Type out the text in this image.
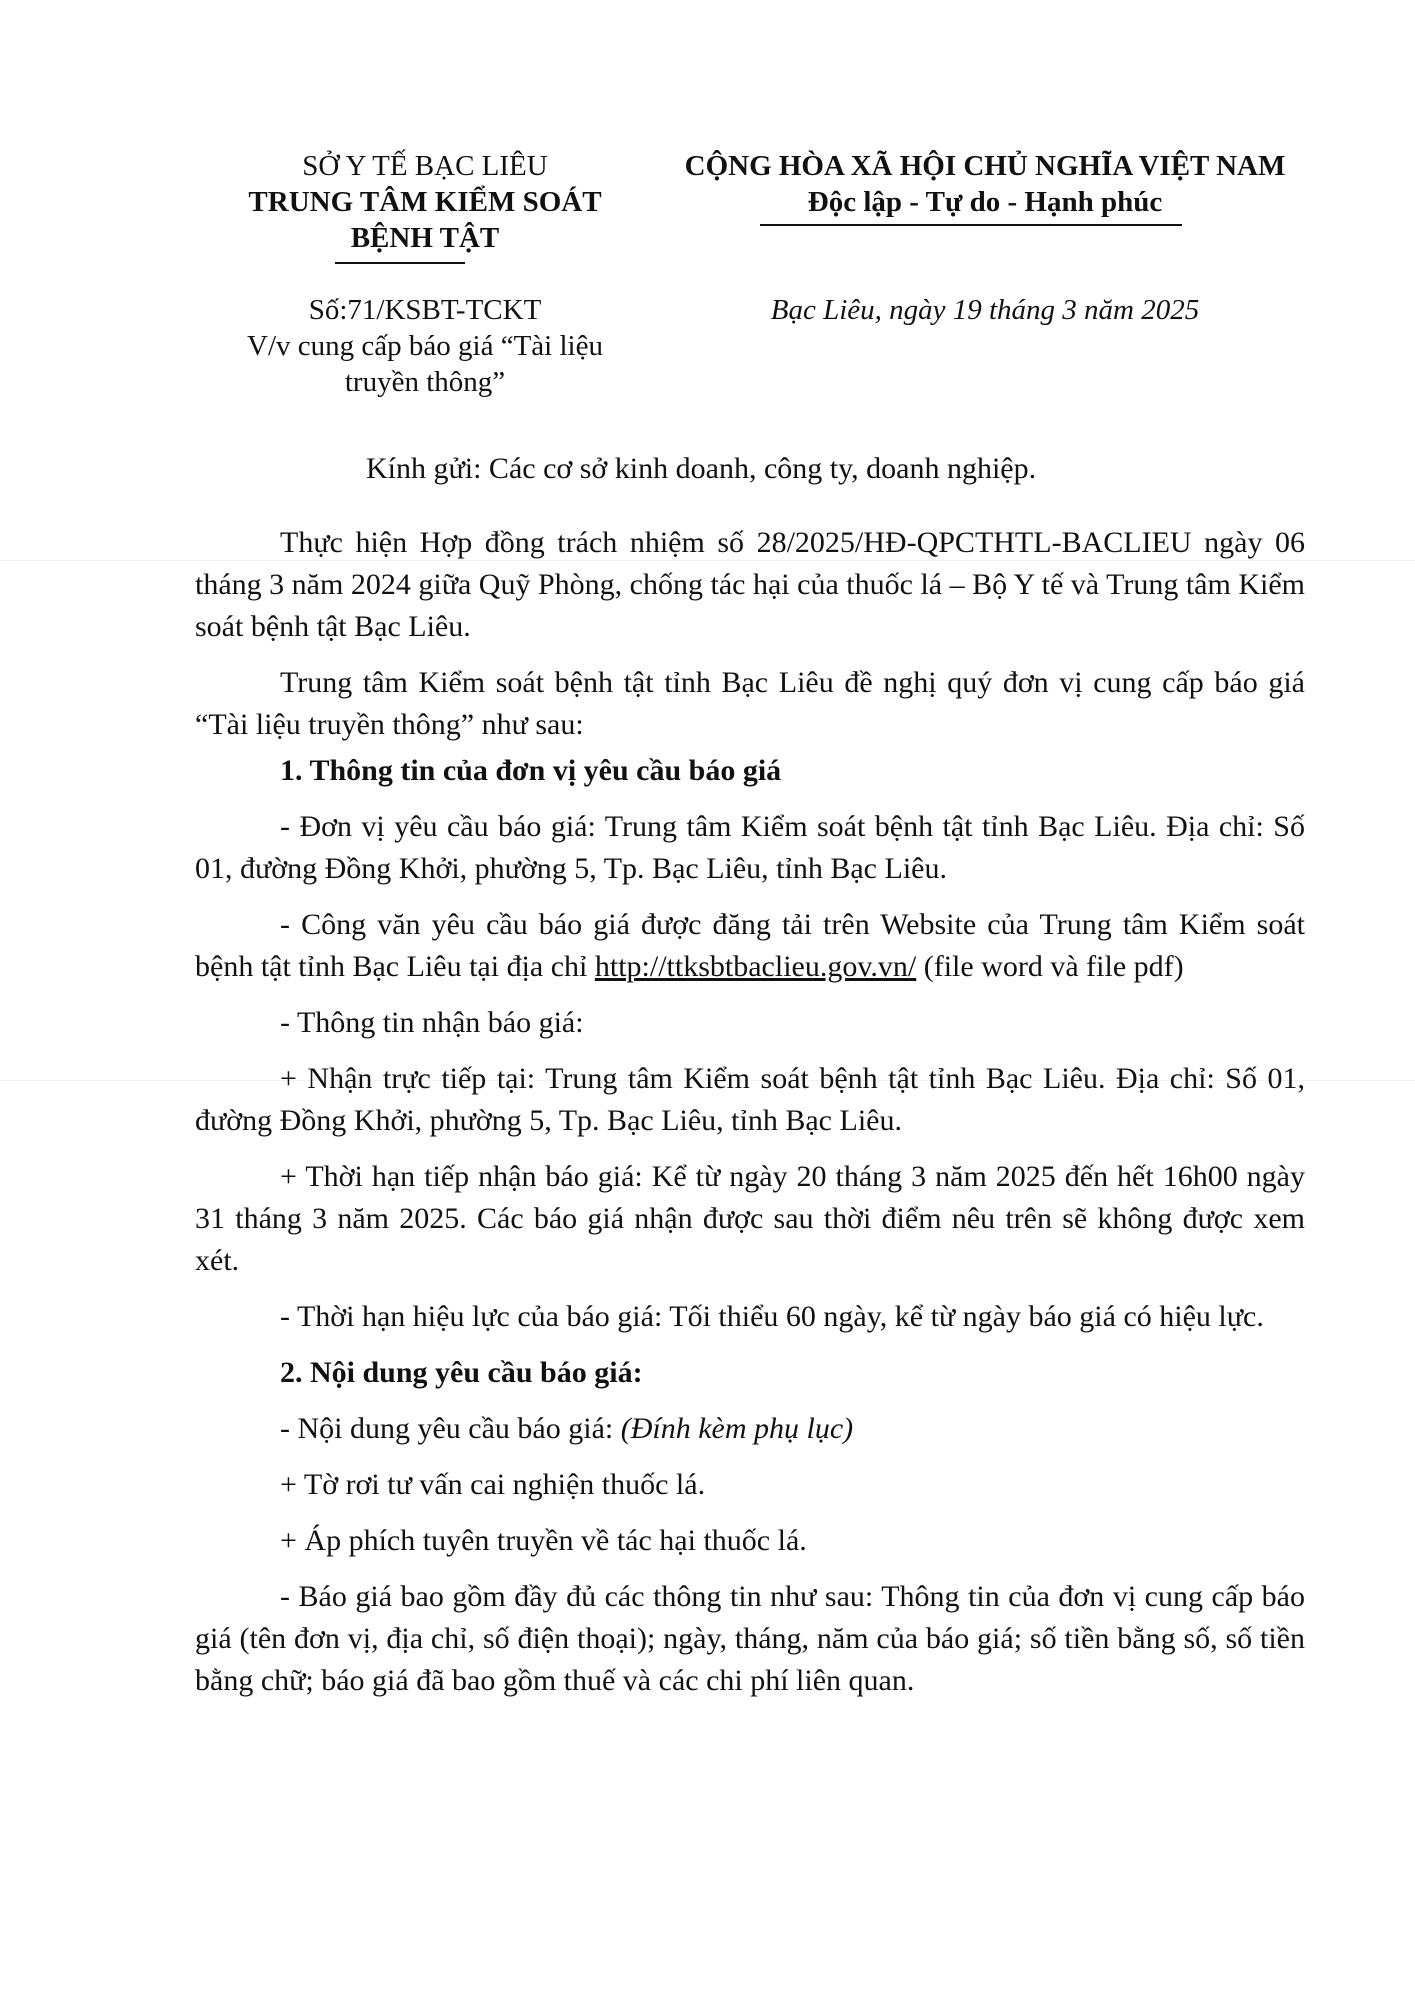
SỞ Y TẾ BẠC LIÊU
TRUNG TÂM KIỂM SOÁT
BỆNH TẬT
Số:71/KSBT-TCKT
V/v cung cấp báo giá “Tài liệu
truyền thông”
CỘNG HÒA XÃ HỘI CHỦ NGHĨA VIỆT NAM
Độc lập - Tự do - Hạnh phúc
Bạc Liêu, ngày 19 tháng 3 năm 2025
Kính gửi: Các cơ sở kinh doanh, công ty, doanh nghiệp.

Thực hiện Hợp đồng trách nhiệm số 28/2025/HĐ-QPCTHTL-BACLIEU ngày 06 tháng 3 năm 2024 giữa Quỹ Phòng, chống tác hại của thuốc lá – Bộ Y tế và Trung tâm Kiểm soát bệnh tật Bạc Liêu.

Trung tâm Kiểm soát bệnh tật tỉnh Bạc Liêu đề nghị quý đơn vị cung cấp báo giá “Tài liệu truyền thông” như sau:

1. Thông tin của đơn vị yêu cầu báo giá

- Đơn vị yêu cầu báo giá: Trung tâm Kiểm soát bệnh tật tỉnh Bạc Liêu. Địa chỉ: Số 01, đường Đồng Khởi, phường 5, Tp. Bạc Liêu, tỉnh Bạc Liêu.

- Công văn yêu cầu báo giá được đăng tải trên Website của Trung tâm Kiểm soát bệnh tật tỉnh Bạc Liêu tại địa chỉ http://ttksbtbaclieu.gov.vn/ (file word và file pdf)

- Thông tin nhận báo giá:

+ Nhận trực tiếp tại: Trung tâm Kiểm soát bệnh tật tỉnh Bạc Liêu. Địa chỉ: Số 01, đường Đồng Khởi, phường 5, Tp. Bạc Liêu, tỉnh Bạc Liêu.

+ Thời hạn tiếp nhận báo giá: Kể từ ngày 20 tháng 3 năm 2025 đến hết 16h00 ngày 31 tháng 3 năm 2025. Các báo giá nhận được sau thời điểm nêu trên sẽ không được xem xét.

- Thời hạn hiệu lực của báo giá: Tối thiểu 60 ngày, kể từ ngày báo giá có hiệu lực.

2. Nội dung yêu cầu báo giá:

- Nội dung yêu cầu báo giá: (Đính kèm phụ lục)

+ Tờ rơi tư vấn cai nghiện thuốc lá.

+ Áp phích tuyên truyền về tác hại thuốc lá.

- Báo giá bao gồm đầy đủ các thông tin như sau: Thông tin của đơn vị cung cấp báo giá (tên đơn vị, địa chỉ, số điện thoại); ngày, tháng, năm của báo giá; số tiền bằng số, số tiền bằng chữ; báo giá đã bao gồm thuế và các chi phí liên quan.
